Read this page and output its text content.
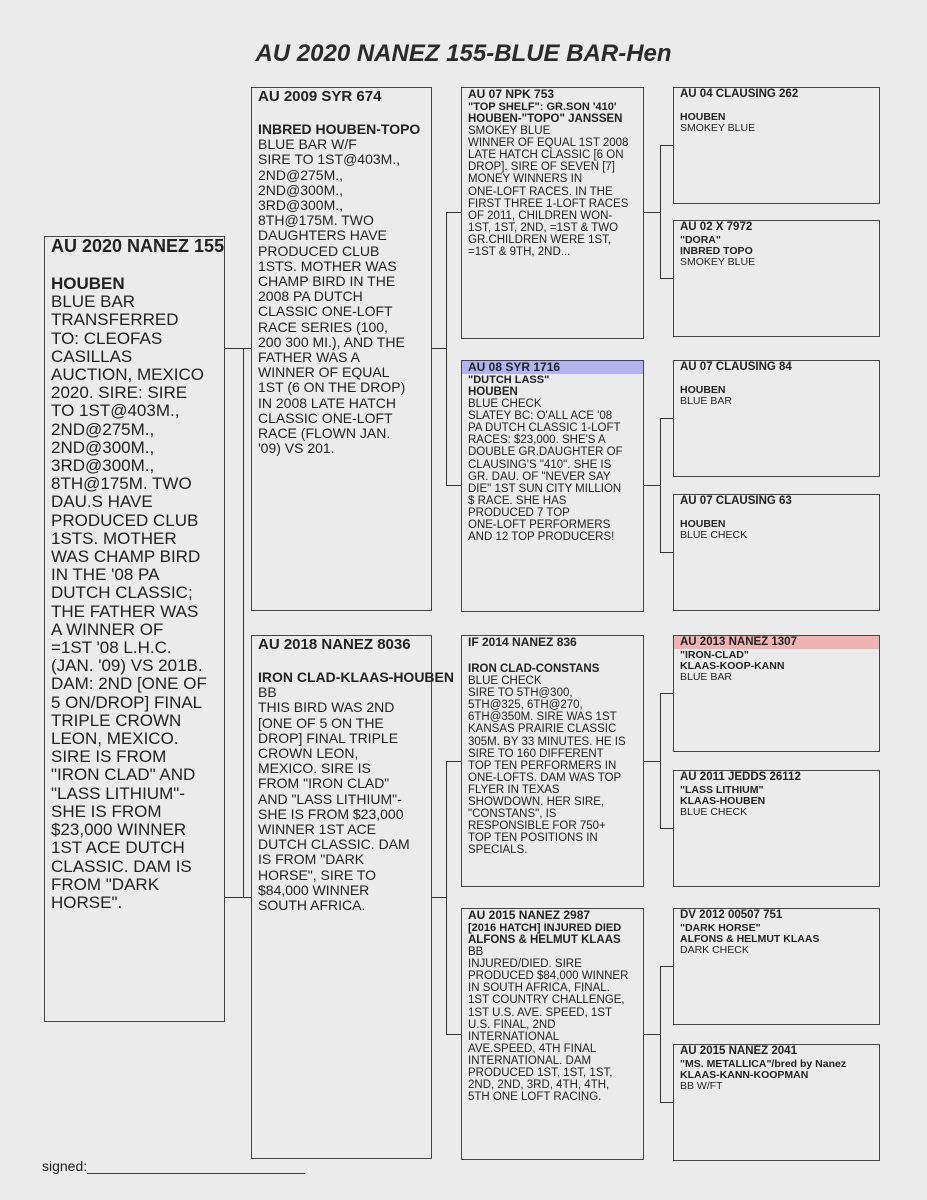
AU 2020 NANEZ 155-BLUE BAR-Hen
AU 2020 NANEZ 155
HOUBEN
BLUE BAR
TRANSFERRED
TO: CLEOFAS
CASILLAS
AUCTION, MEXICO
2020. SIRE: SIRE
TO 1ST@403M.,
2ND@275M.,
2ND@300M.,
3RD@300M.,
8TH@175M. TWO
DAU.S HAVE
PRODUCED CLUB
1STS. MOTHER
WAS CHAMP BIRD
IN THE '08 PA
DUTCH CLASSIC;
THE FATHER WAS
A WINNER OF
=1ST '08 L.H.C.
(JAN. '09) VS 201B.
DAM: 2ND [ONE OF
5 ON/DROP] FINAL
TRIPLE CROWN
LEON, MEXICO.
SIRE IS FROM
"IRON CLAD" AND
"LASS LITHIUM"-
SHE IS FROM
$23,000 WINNER
1ST ACE DUTCH
CLASSIC. DAM IS
FROM "DARK
HORSE".
AU 2009 SYR 674
INBRED HOUBEN-TOPO
BLUE BAR W/F
SIRE TO 1ST@403M.,
2ND@275M.,
2ND@300M.,
3RD@300M.,
8TH@175M. TWO
DAUGHTERS HAVE
PRODUCED CLUB
1STS. MOTHER WAS
CHAMP BIRD IN THE
2008 PA DUTCH
CLASSIC ONE-LOFT
RACE SERIES (100,
200 300 MI.), AND THE
FATHER WAS A
WINNER OF EQUAL
1ST (6 ON THE DROP)
IN 2008 LATE HATCH
CLASSIC ONE-LOFT
RACE (FLOWN JAN.
'09) VS 201.
AU 2018 NANEZ 8036
IRON CLAD-KLAAS-HOUBEN
BB
THIS BIRD WAS 2ND
[ONE OF 5 ON THE
DROP] FINAL TRIPLE
CROWN LEON,
MEXICO. SIRE IS
FROM "IRON CLAD"
AND "LASS LITHIUM"-
SHE IS FROM $23,000
WINNER 1ST ACE
DUTCH CLASSIC. DAM
IS FROM "DARK
HORSE", SIRE TO
$84,000 WINNER
SOUTH AFRICA.
AU 07 NPK 753
"TOP SHELF": GR.SON '410'
HOUBEN-"TOPO" JANSSEN
SMOKEY BLUE
WINNER OF EQUAL 1ST 2008
LATE HATCH CLASSIC [6 ON
DROP]. SIRE OF SEVEN [7]
MONEY WINNERS IN
ONE-LOFT RACES. IN THE
FIRST THREE 1-LOFT RACES
OF 2011, CHILDREN WON-
1ST, 1ST, 2ND, =1ST & TWO
GR.CHILDREN WERE 1ST,
=1ST & 9TH, 2ND...
AU 08 SYR 1716
"DUTCH LASS"
HOUBEN
BLUE CHECK
SLATEY BC: O'ALL ACE '08
PA DUTCH CLASSIC 1-LOFT
RACES: $23,000. SHE'S A
DOUBLE GR.DAUGHTER OF
CLAUSING'S "410". SHE IS
GR. DAU. OF "NEVER SAY
DIE" 1ST SUN CITY MILLION
$ RACE. SHE HAS
PRODUCED 7 TOP
ONE-LOFT PERFORMERS
AND 12 TOP PRODUCERS!
IF 2014 NANEZ 836
IRON CLAD-CONSTANS
BLUE CHECK
SIRE TO 5TH@300,
5TH@325, 6TH@270,
6TH@350M. SIRE WAS 1ST
KANSAS PRAIRIE CLASSIC
305M. BY 33 MINUTES. HE IS
SIRE TO 160 DIFFERENT
TOP TEN PERFORMERS IN
ONE-LOFTS. DAM WAS TOP
FLYER IN TEXAS
SHOWDOWN. HER SIRE,
"CONSTANS", IS
RESPONSIBLE FOR 750+
TOP TEN POSITIONS IN
SPECIALS.
AU 2015 NANEZ 2987
[2016 HATCH] INJURED DIED
ALFONS & HELMUT KLAAS
BB
INJURED/DIED. SIRE
PRODUCED $84,000 WINNER
IN SOUTH AFRICA, FINAL.
1ST COUNTRY CHALLENGE,
1ST U.S. AVE. SPEED, 1ST
U.S. FINAL, 2ND
INTERNATIONAL
AVE.SPEED, 4TH FINAL
INTERNATIONAL. DAM
PRODUCED 1ST, 1ST, 1ST,
2ND, 2ND, 3RD, 4TH, 4TH,
5TH ONE LOFT RACING.
AU 04 CLAUSING 262
HOUBEN
SMOKEY BLUE
AU 02 X 7972
"DORA"
INBRED TOPO
SMOKEY BLUE
AU 07 CLAUSING 84
HOUBEN
BLUE BAR
AU 07 CLAUSING 63
HOUBEN
BLUE CHECK
AU 2013 NANEZ 1307
"IRON-CLAD"
KLAAS-KOOP-KANN
BLUE BAR
AU 2011 JEDDS 26112
"LASS LITHIUM"
KLAAS-HOUBEN
BLUE CHECK
DV 2012 00507 751
"DARK HORSE"
ALFONS & HELMUT KLAAS
DARK CHECK
AU 2015 NANEZ 2041
"MS. METALLICA"/bred by Nanez
KLAAS-KANN-KOOPMAN
BB W/FT
signed:____________________________
